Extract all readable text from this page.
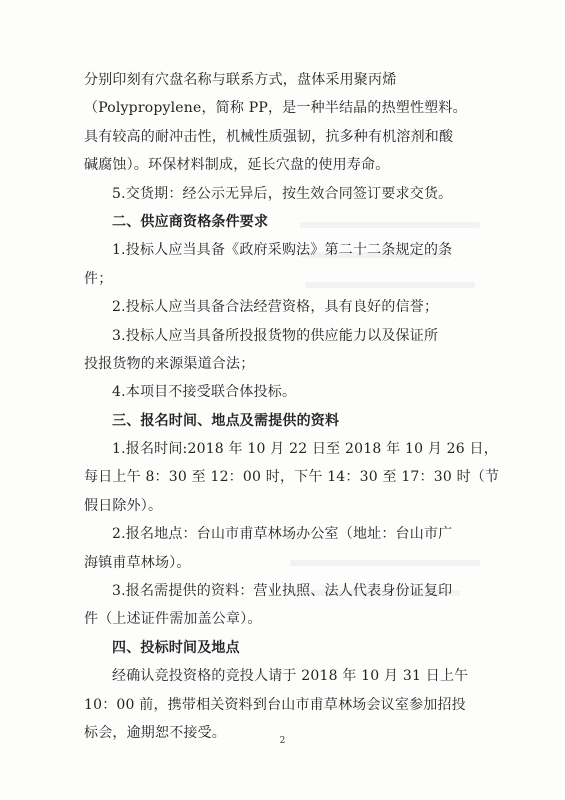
分别印刻有穴盘名称与联系方式，盘体采用聚丙烯
（Polypropylene，简称 PP，是一种半结晶的热塑性塑料。
具有较高的耐冲击性，机械性质强韧，抗多种有机溶剂和酸
碱腐蚀）。环保材料制成，延长穴盘的使用寿命。
5.交货期：经公示无异后，按生效合同签订要求交货。
二、供应商资格条件要求
1.投标人应当具备《政府采购法》第二十二条规定的条
件；
2.投标人应当具备合法经营资格，具有良好的信誉；
3.投标人应当具备所投报货物的供应能力以及保证所
投报货物的来源渠道合法；
4.本项目不接受联合体投标。
三、报名时间、地点及需提供的资料
1.报名时间:2018 年 10 月 22 日至 2018 年 10 月 26 日，
每日上午 8：30 至 12：00 时，下午 14：30 至 17：30 时（节
假日除外）。
2.报名地点：台山市甫草林场办公室（地址：台山市广
海镇甫草林场）。
3.报名需提供的资料：营业执照、法人代表身份证复印
件（上述证件需加盖公章）。
四、投标时间及地点
经确认竞投资格的竞投人请于 2018 年 10 月 31 日上午
10：00 前，携带相关资料到台山市甫草林场会议室参加招投
标会，逾期恕不接受。
2
